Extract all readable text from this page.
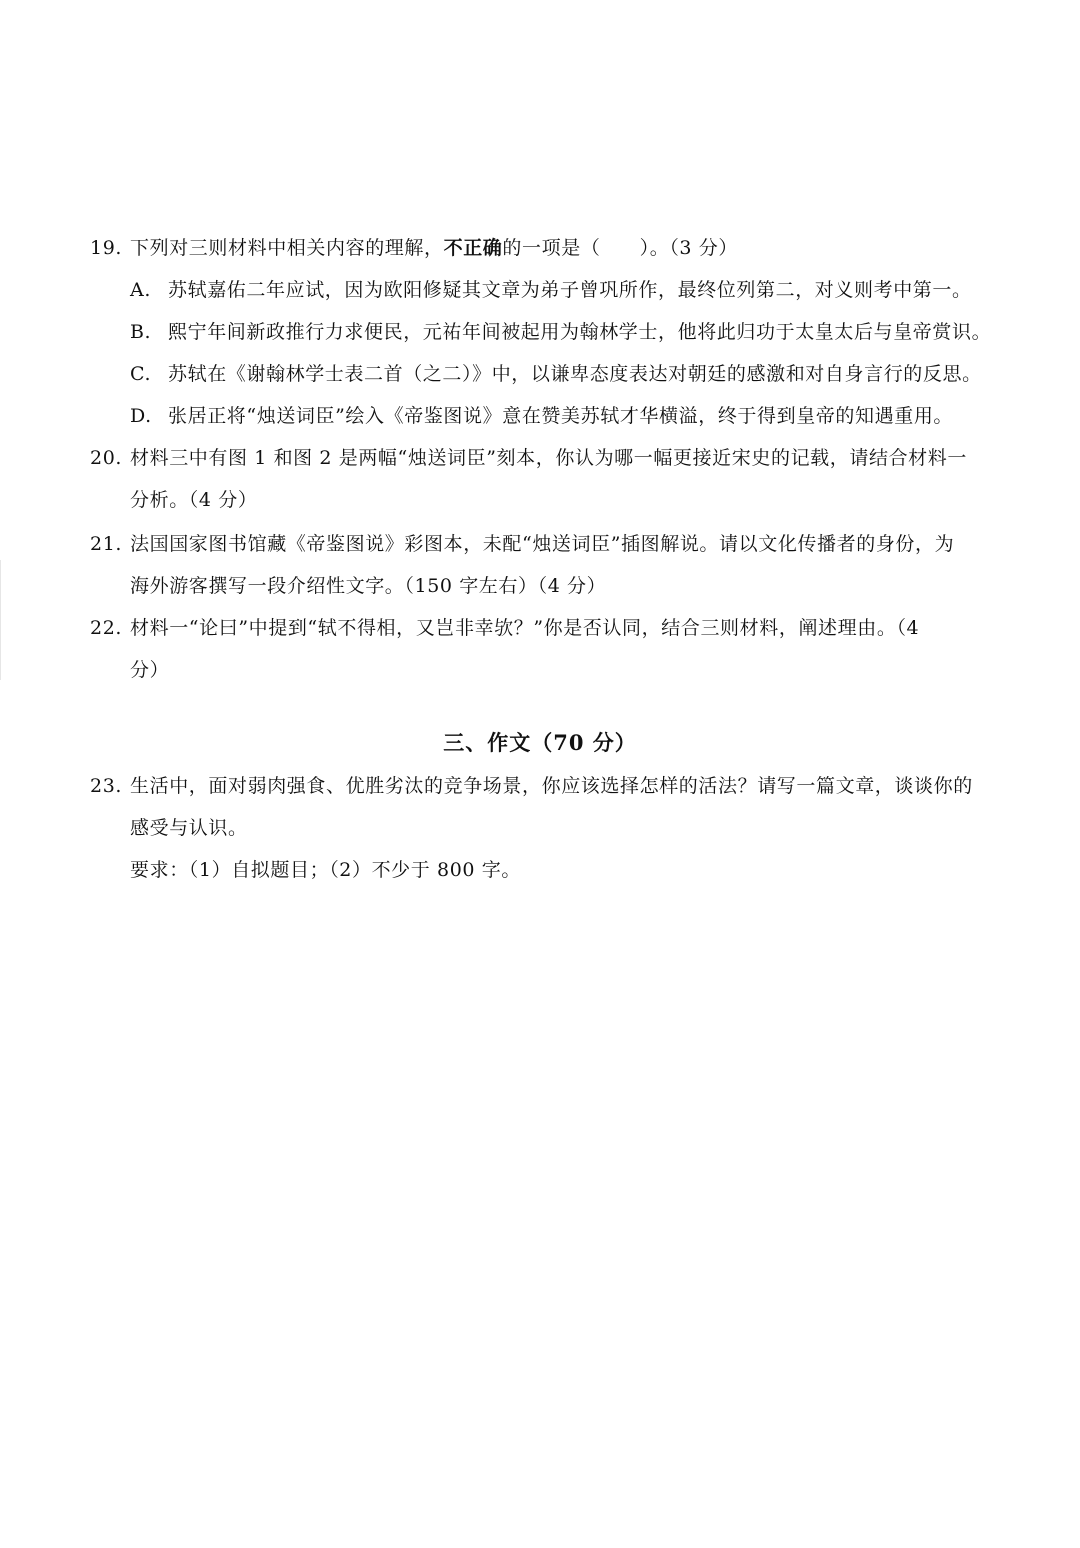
19. 下列对三则材料中相关内容的理解，不正确的一项是（　　）。（3 分）
A. 苏轼嘉佑二年应试，因为欧阳修疑其文章为弟子曾巩所作，最终位列第二，对义则考中第一。
B. 熙宁年间新政推行力求便民，元祐年间被起用为翰林学士，他将此归功于太皇太后与皇帝赏识。
C. 苏轼在《谢翰林学士表二首（之二）》中，以谦卑态度表达对朝廷的感激和对自身言行的反思。
D. 张居正将“烛送词臣”绘入《帝鉴图说》意在赞美苏轼才华横溢，终于得到皇帝的知遇重用。
20. 材料三中有图 1 和图 2 是两幅“烛送词臣”刻本，你认为哪一幅更接近宋史的记载，请结合材料一
分析。（4 分）
21. 法国国家图书馆藏《帝鉴图说》彩图本，未配“烛送词臣”插图解说。请以文化传播者的身份，为
海外游客撰写一段介绍性文字。（150 字左右）（4 分）
22. 材料一“论曰”中提到“轼不得相，又岂非幸欤？”你是否认同，结合三则材料，阐述理由。（4
分）
三、作文（70 分）
23. 生活中，面对弱肉强食、优胜劣汰的竞争场景，你应该选择怎样的活法？请写一篇文章，谈谈你的
感受与认识。
要求：（1）自拟题目；（2）不少于 800 字。
